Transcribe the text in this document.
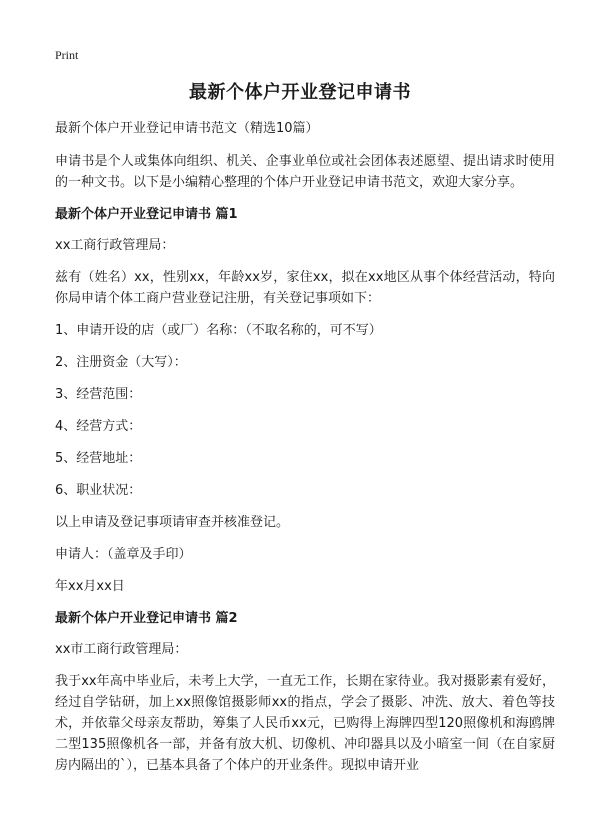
Print
最新个体户开业登记申请书

最新个体户开业登记申请书范文（精选10篇）

申请书是个人或集体向组织、机关、企事业单位或社会团体表述愿望、提出请求时使用的一种文书。以下是小编精心整理的个体户开业登记申请书范文，欢迎大家分享。

最新个体户开业登记申请书 篇1

xx工商行政管理局：

兹有（姓名）xx，性别xx，年龄xx岁，家住xx，拟在xx地区从事个体经营活动，特向你局申请个体工商户营业登记注册，有关登记事项如下：

1、申请开设的店（或厂）名称：（不取名称的，可不写）

2、注册资金（大写）：

3、经营范围：

4、经营方式：

5、经营地址：

6、职业状况：

以上申请及登记事项请审查并核准登记。

申请人：（盖章及手印）

年xx月xx日

最新个体户开业登记申请书 篇2

xx市工商行政管理局：

我于xx年高中毕业后，未考上大学，一直无工作，长期在家待业。我对摄影素有爱好，经过自学钻研，加上xx照像馆摄影师xx的指点，学会了摄影、冲洗、放大、着色等技术，并依靠父母亲友帮助，筹集了人民币xx元，已购得上海牌四型120照像机和海鸥牌二型135照像机各一部，并备有放大机、切像机、冲印器具以及小暗室一间（在自家厨房内隔出的`），已基本具备了个体户的开业条件。现拟申请开业
